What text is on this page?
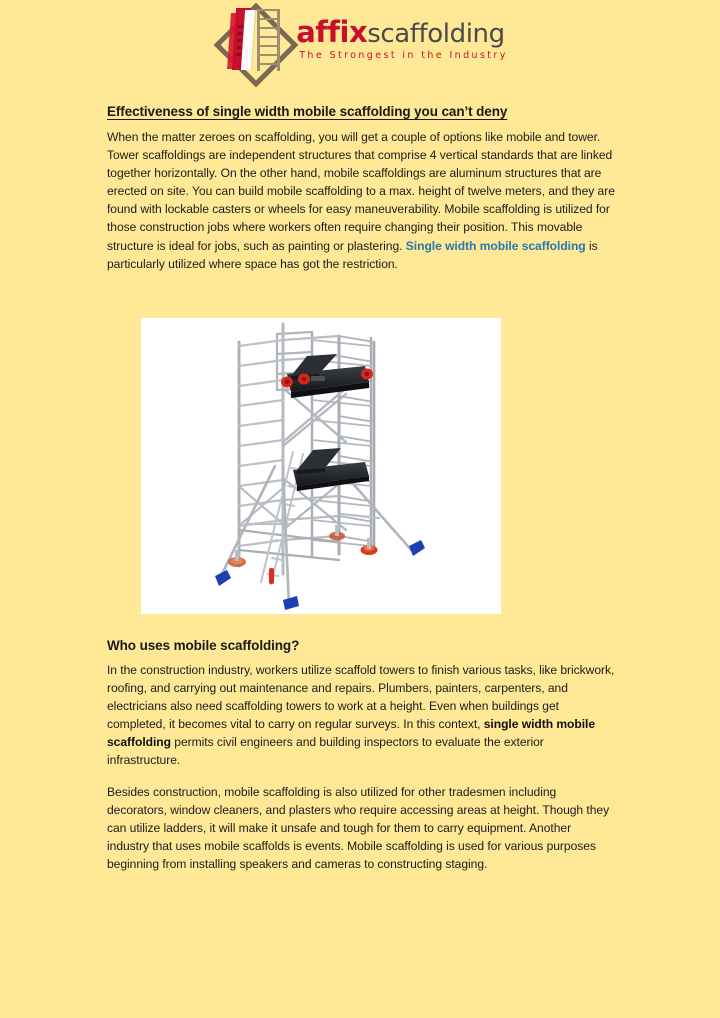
affix scaffolding
The Strongest in the Industry
Effectiveness of single width mobile scaffolding you can’t deny

When the matter zeroes on scaffolding, you will get a couple of options like mobile and tower. Tower scaffoldings are independent structures that comprise 4 vertical standards that are linked together horizontally. On the other hand, mobile scaffoldings are aluminum structures that are erected on site. You can build mobile scaffolding to a max. height of twelve meters, and they are found with lockable casters or wheels for easy maneuverability. Mobile scaffolding is utilized for those construction jobs where workers often require changing their position. This movable structure is ideal for jobs, such as painting or plastering. Single width mobile scaffolding is particularly utilized where space has got the restriction.

Who uses mobile scaffolding?

In the construction industry, workers utilize scaffold towers to finish various tasks, like brickwork, roofing, and carrying out maintenance and repairs. Plumbers, painters, carpenters, and electricians also need scaffolding towers to work at a height. Even when buildings get completed, it becomes vital to carry on regular surveys. In this context, single width mobile scaffolding permits civil engineers and building inspectors to evaluate the exterior infrastructure.

Besides construction, mobile scaffolding is also utilized for other tradesmen including decorators, window cleaners, and plasters who require accessing areas at height. Though they can utilize ladders, it will make it unsafe and tough for them to carry equipment. Another industry that uses mobile scaffolds is events. Mobile scaffolding is used for various purposes beginning from installing speakers and cameras to constructing staging.
